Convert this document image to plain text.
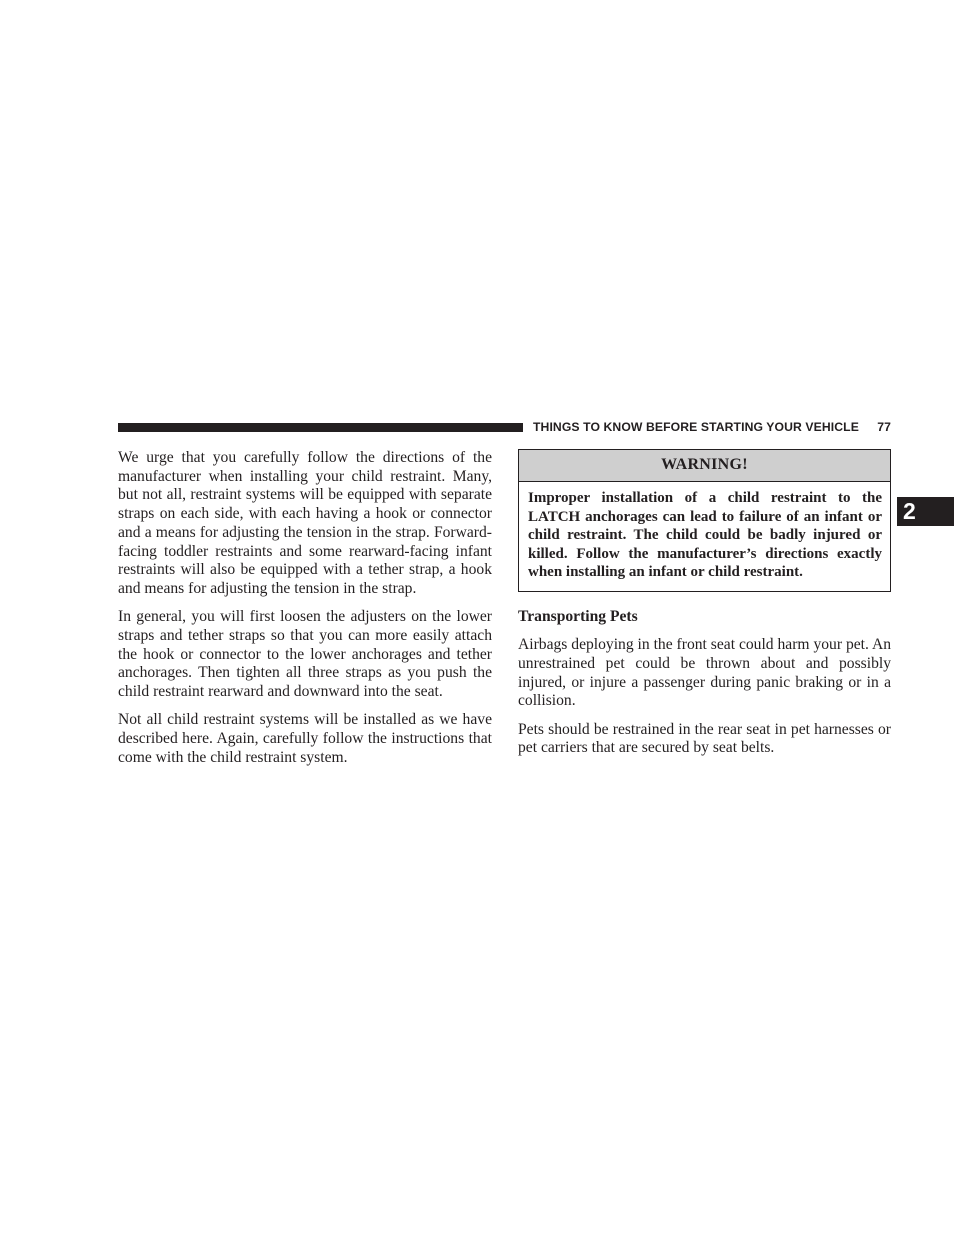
THINGS TO KNOW BEFORE STARTING YOUR VEHICLE 77
2

We urge that you carefully follow the directions of the manufacturer when installing your child restraint. Many, but not all, restraint systems will be equipped with separate straps on each side, with each having a hook or connector and a means for adjusting the tension in the strap. Forward-facing toddler restraints and some rearward-facing infant restraints will also be equipped with a tether strap, a hook and means for adjusting the tension in the strap.

In general, you will first loosen the adjusters on the lower straps and tether straps so that you can more easily attach the hook or connector to the lower anchorages and tether anchorages. Then tighten all three straps as you push the child restraint rearward and downward into the seat.

Not all child restraint systems will be installed as we have described here. Again, carefully follow the instructions that come with the child restraint system.

WARNING!
Improper installation of a child restraint to the LATCH anchorages can lead to failure of an infant or child restraint. The child could be badly injured or killed. Follow the manufacturer’s directions exactly when installing an infant or child restraint.

Transporting Pets

Airbags deploying in the front seat could harm your pet. An unrestrained pet could be thrown about and possibly injured, or injure a passenger during panic braking or in a collision.

Pets should be restrained in the rear seat in pet harnesses or pet carriers that are secured by seat belts.
